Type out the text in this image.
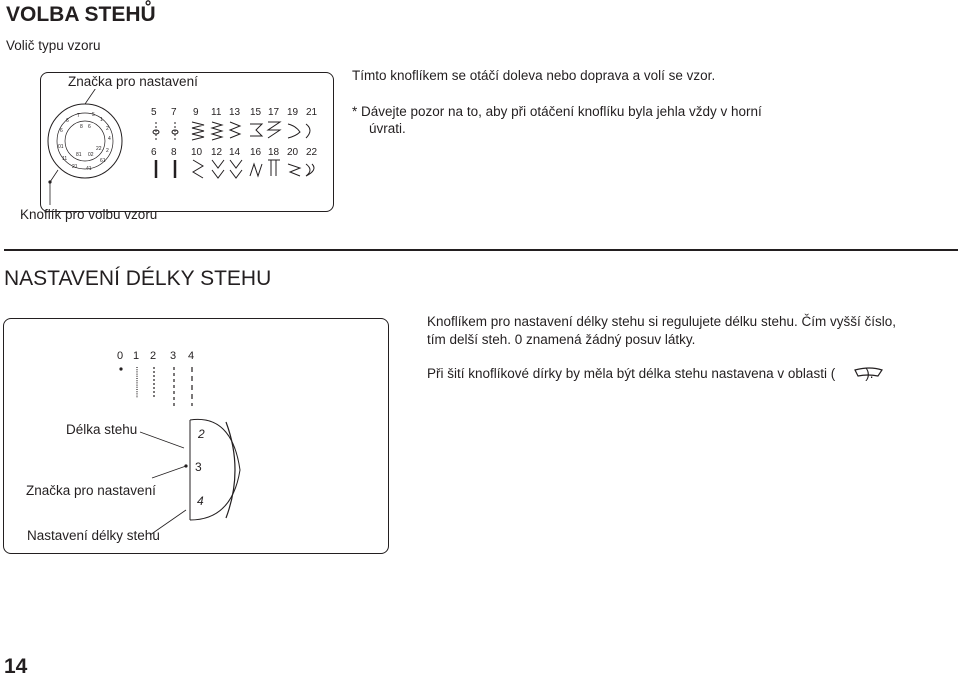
VOLBA STEHŮ
Volič typu vzoru
7 5
1
2
4
2
61
41
21
11
01
6
6
8 6
81 02
22
Značka pro nastavení
Knoflík pro volbu vzoru
5 7 9 11 13 15 17 19 21
6 8 10 12 14 16 18 20 22
Tímto knoflíkem se otáčí doleva nebo doprava a volí se vzor.
* Dávejte pozor na to, aby při otáčení knoflíku byla jehla vždy v horní
úvrati.
NASTAVENÍ DÉLKY STEHU
0 1 2 3 4
2
3
4
Délka stehu
Značka pro nastavení
Nastavení délky stehu
Knoflíkem pro nastavení délky stehu si regulujete délku stehu. Čím vyšší číslo,
tím delší steh. 0 znamená žádný posuv látky.
Při šití knoflíkové dírky by měla být délka stehu nastavena v oblasti ( ).
14
